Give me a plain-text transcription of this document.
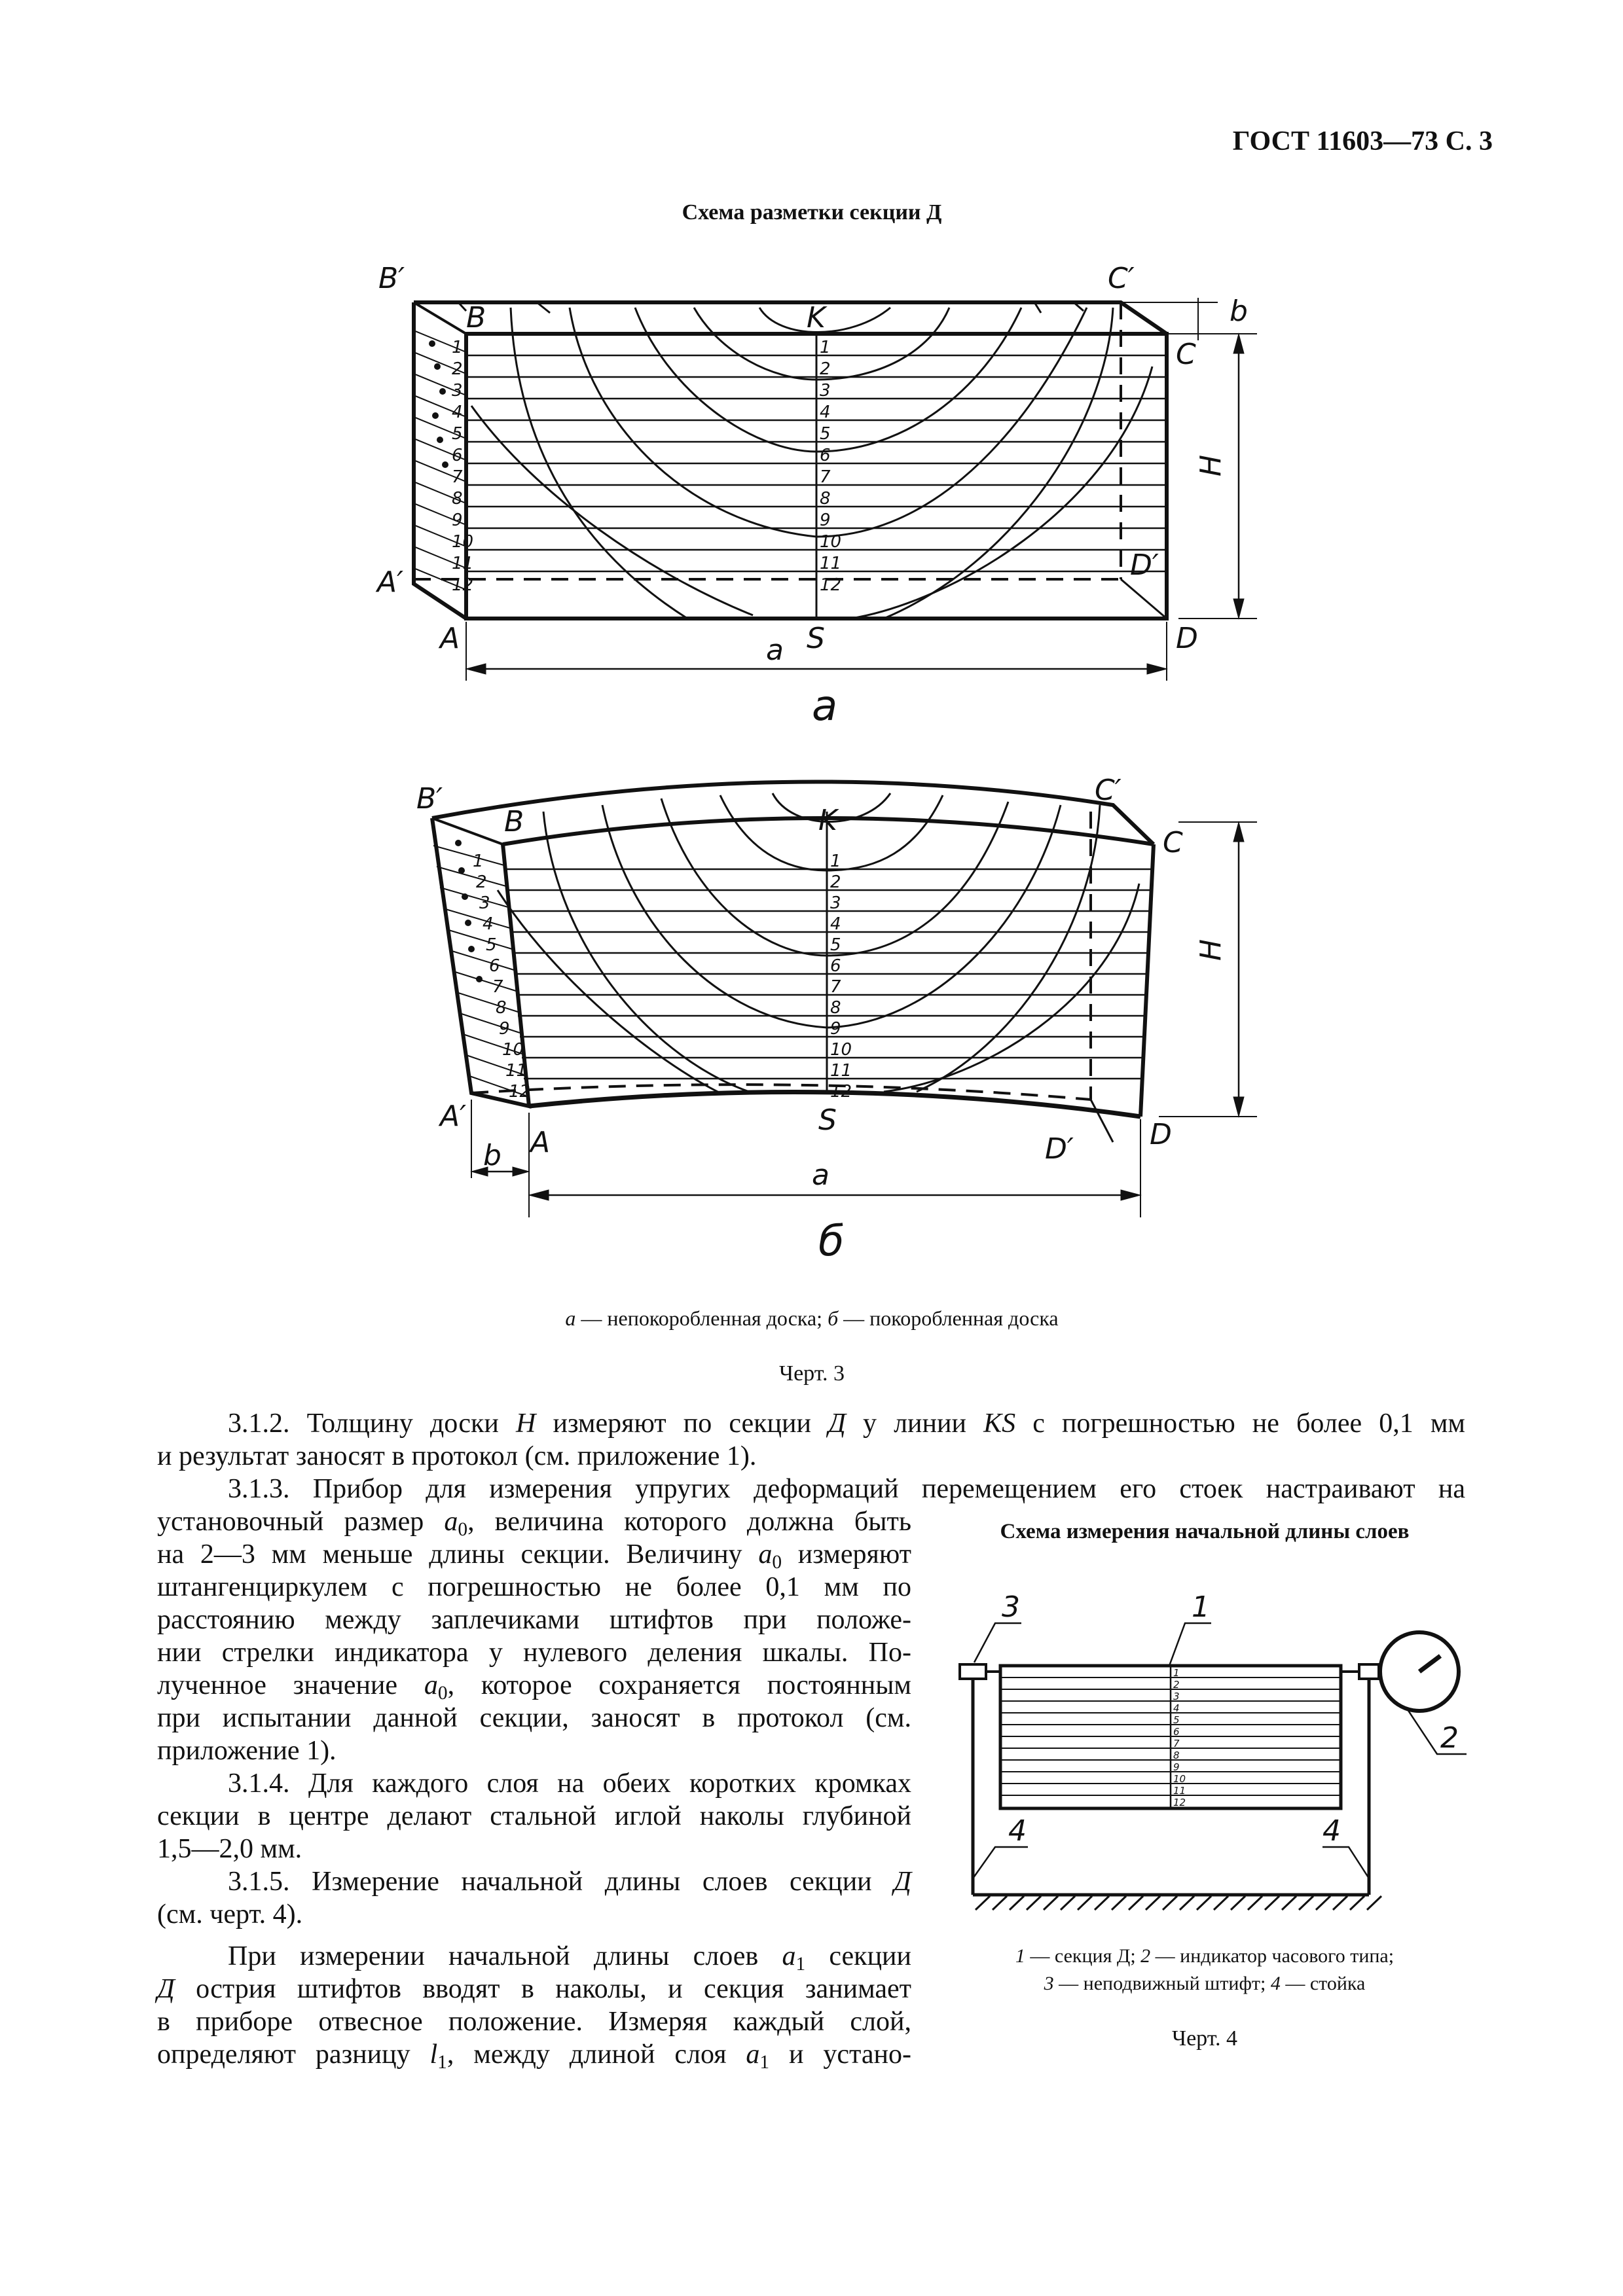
ГОСТ 11603—73 С. 3
Схема разметки секции Д
B′	C′
B	K
C
b
H
A′
D′
A	S	D
a
1
2
3
4
5
6
7
8
9
10
11
12
1
2
3
4
5
6
7
8
9
10
11
12
a
B′	C′
B	K
C
H
A′
A
S
D′	D
b
a
1
2
3
4
5
6
7
8
9
10
11
12
1
2
3
4
5
6
7
8
9
10
11
12
б
а — непокоробленная доска; б — покоробленная доска
Черт. 3

3.1.2. Толщину доски H измеряют по секции Д у линии KS с погрешностью не более 0,1 мм

и результат заносят в протокол (см. приложение 1).

3.1.3. Прибор для измерения упругих деформаций перемещением его стоек настраивают на

установочный размер $a_0$, величина которого должна быть

на 2—3 мм меньше длины секции. Величину $a_0$ измеряют

штангенциркулем с погрешностью не более 0,1 мм по

расстоянию между заплечиками штифтов при положе-

нии стрелки индикатора у нулевого деления шкалы. По-

лученное значение $a_0$, которое сохраняется постоянным

при испытании данной секции, заносят в протокол (см.

приложение 1).

3.1.4. Для каждого слоя на обеих коротких кромках

секции в центре делают стальной иглой наколы глубиной

1,5—2,0 мм.

3.1.5. Измерение начальной длины слоев секции Д

(см. черт. 4).

При измерении начальной длины слоев $a_1$ секции

Д острия штифтов вводят в наколы, и секция занимает

в приборе отвесное положение. Измеряя каждый слой,

определяют разницу $l_1$, между длиной слоя $a_1$ и устано-

Схема измерения начальной длины слоев
3	1
2
4	4
1
2
3
4
5
6
7
8
9
10
11
12
1 — секция Д; 2 — индикатор часового типа;
3 — неподвижный штифт; 4 — стойка
Черт. 4
